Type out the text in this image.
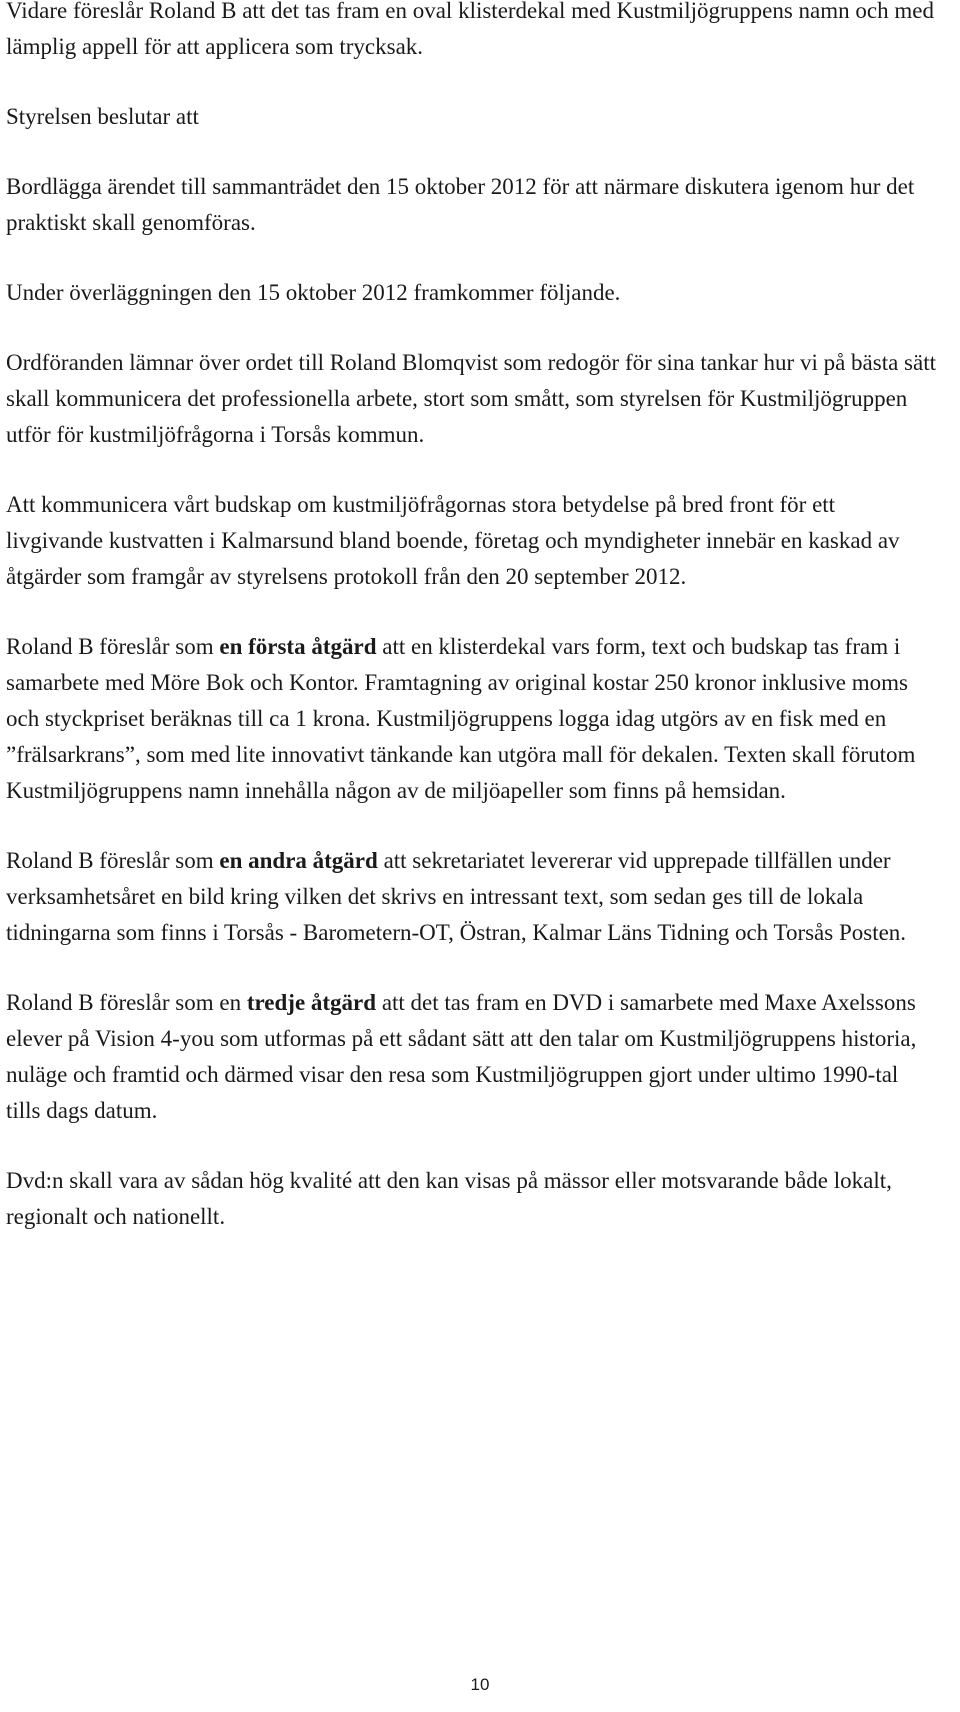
Vidare föreslår Roland B att det tas fram en oval klisterdekal med Kustmiljögruppens namn och med lämplig appell för att applicera som trycksak.

Styrelsen beslutar att

Bordlägga ärendet till sammanträdet den 15 oktober 2012 för att närmare diskutera igenom hur det praktiskt skall genomföras.

Under överläggningen den 15 oktober 2012 framkommer följande.

Ordföranden lämnar över ordet till Roland Blomqvist som redogör för sina tankar hur vi på bästa sätt skall kommunicera det professionella arbete, stort som smått, som styrelsen för Kustmiljögruppen utför för kustmiljöfrågorna i Torsås kommun.

Att kommunicera vårt budskap om kustmiljöfrågornas stora betydelse på bred front för ett livgivande kustvatten i Kalmarsund bland boende, företag och myndigheter innebär en kaskad av åtgärder som framgår av styrelsens protokoll från den 20 september 2012.

Roland B föreslår som en första åtgärd att en klisterdekal vars form, text och budskap tas fram i samarbete med Möre Bok och Kontor. Framtagning av original kostar 250 kronor inklusive moms och styckpriset beräknas till ca 1 krona. Kustmiljögruppens logga idag utgörs av en fisk med en ”frälsarkrans”, som med lite innovativt tänkande kan utgöra mall för dekalen. Texten skall förutom Kustmiljögruppens namn innehålla någon av de miljöapeller som finns på hemsidan.

Roland B föreslår som en andra åtgärd att sekretariatet levererar vid upprepade tillfällen under verksamhetsåret en bild kring vilken det skrivs en intressant text, som sedan ges till de lokala tidningarna som finns i Torsås - Barometern-OT, Östran, Kalmar Läns Tidning och Torsås Posten.

Roland B föreslår som en tredje åtgärd att det tas fram en DVD i samarbete med Maxe Axelssons elever på Vision 4-you som utformas på ett sådant sätt att den talar om Kustmiljögruppens historia, nuläge och framtid och därmed visar den resa som Kustmiljögruppen gjort under ultimo 1990-tal tills dags datum.

Dvd:n skall vara av sådan hög kvalité att den kan visas på mässor eller motsvarande både lokalt, regionalt och nationellt.

10
